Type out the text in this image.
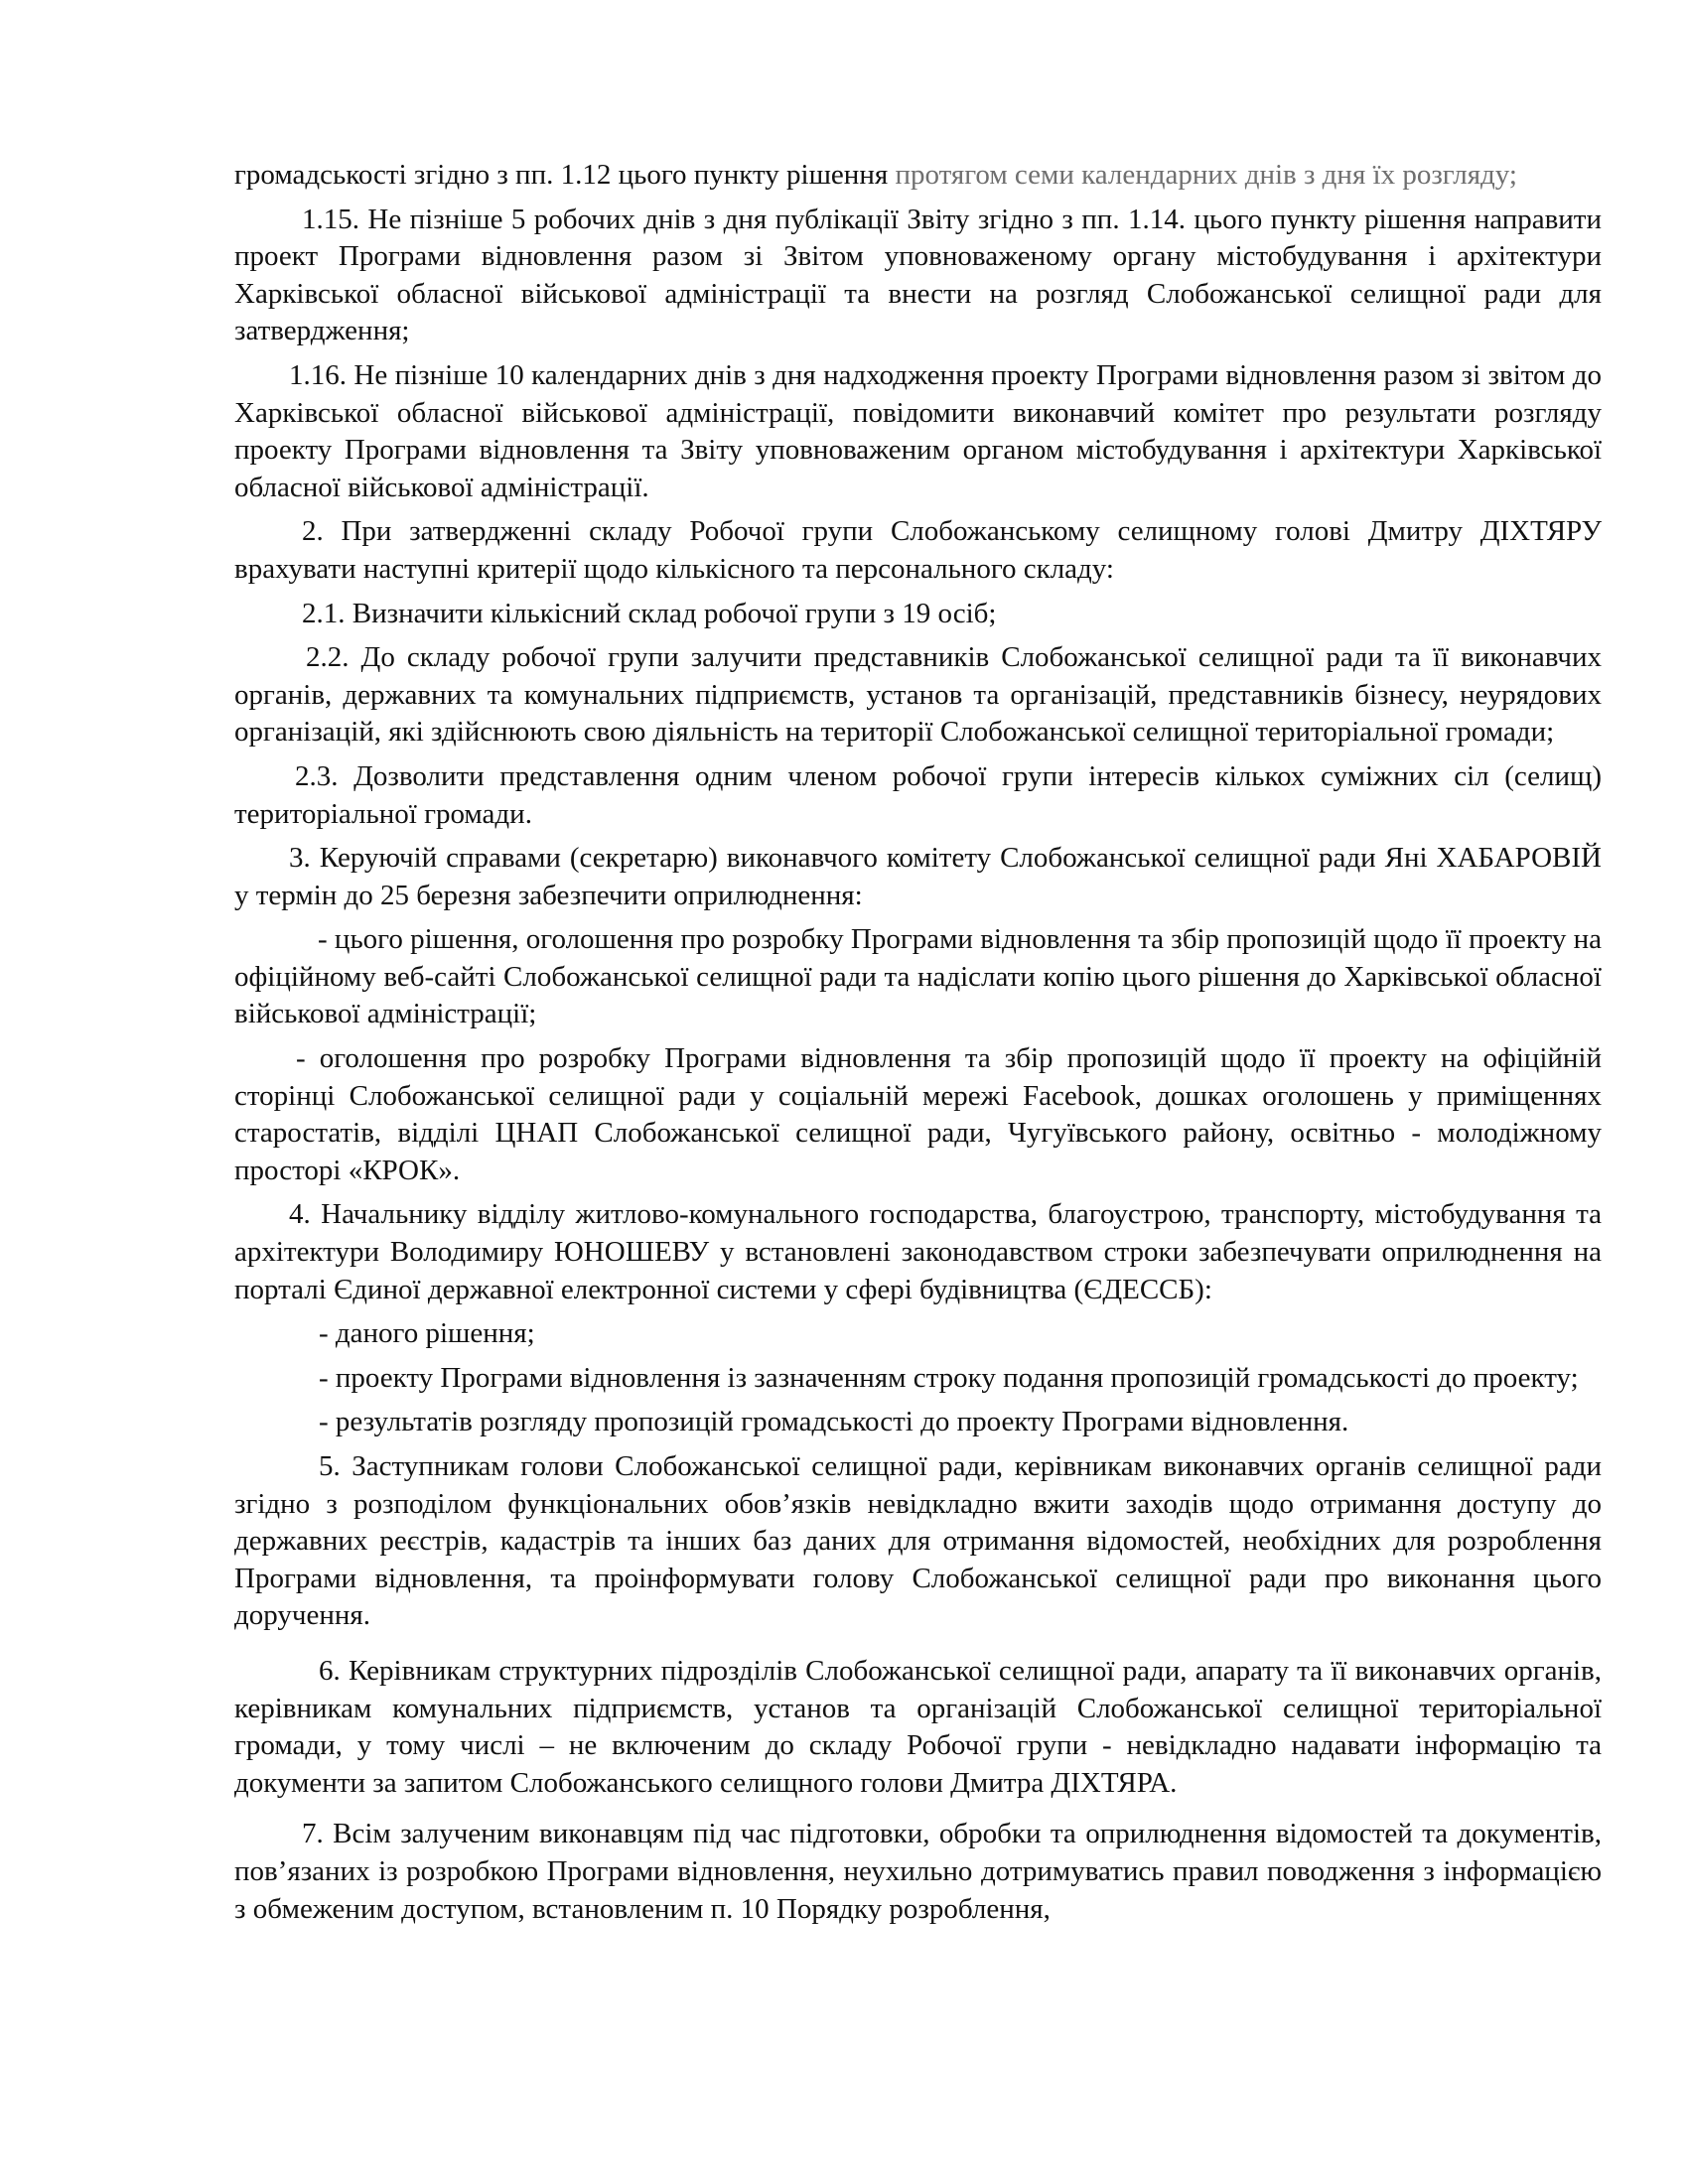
громадськості згідно з пп. 1.12 цього пункту рішення протягом семи календарних днів з дня їх розгляду;

1.15. Не пізніше 5 робочих днів з дня публікації Звіту згідно з пп. 1.14. цього пункту рішення направити проект Програми відновлення разом зі Звітом уповноваженому органу містобудування і архітектури Харківської обласної військової адміністрації та внести на розгляд Слобожанської селищної ради для затвердження;

1.16. Не пізніше 10 календарних днів з дня надходження проекту Програми відновлення разом зі звітом до Харківської обласної військової адміністрації, повідомити виконавчий комітет про результати розгляду проекту Програми відновлення та Звіту уповноваженим органом містобудування і архітектури Харківської обласної військової адміністрації.

2. При затвердженні складу Робочої групи Слобожанському селищному голові Дмитру ДІХТЯРУ врахувати наступні критерії щодо кількісного та персонального складу:

2.1. Визначити кількісний склад робочої групи з 19 осіб;

2.2. До складу робочої групи залучити представників Слобожанської селищної ради та її виконавчих органів, державних та комунальних підприємств, установ та організацій, представників бізнесу, неурядових організацій, які здійснюють свою діяльність на території Слобожанської селищної територіальної громади;

2.3. Дозволити представлення одним членом робочої групи інтересів кількох суміжних сіл (селищ) територіальної громади.

3. Керуючій справами (секретарю) виконавчого комітету Слобожанської селищної ради Яні ХАБАРОВІЙ у термін до 25 березня забезпечити оприлюднення:

- цього рішення, оголошення про розробку Програми відновлення та збір пропозицій щодо її проекту на офіційному веб-сайті Слобожанської селищної ради та надіслати копію цього рішення до Харківської обласної військової адміністрації;

- оголошення про розробку Програми відновлення та збір пропозицій щодо її проекту на офіційній сторінці Слобожанської селищної ради у соціальній мережі Facebook, дошках оголошень у приміщеннях старостатів, відділі ЦНАП Слобожанської селищної ради, Чугуївського району, освітньо - молодіжному просторі «КРОК».

4. Начальнику відділу житлово-комунального господарства, благоустрою, транспорту, містобудування та архітектури Володимиру ЮНОШЕВУ у встановлені законодавством строки забезпечувати оприлюднення на порталі Єдиної державної електронної системи у сфері будівництва (ЄДЕССБ):

- даного рішення;

- проекту Програми відновлення із зазначенням строку подання пропозицій громадськості до проекту;

- результатів розгляду пропозицій громадськості до проекту Програми відновлення.

5. Заступникам голови Слобожанської селищної ради, керівникам виконавчих органів селищної ради згідно з розподілом функціональних обов’язків невідкладно вжити заходів щодо отримання доступу до державних реєстрів, кадастрів та інших баз даних для отримання відомостей, необхідних для розроблення Програми відновлення, та проінформувати голову Слобожанської селищної ради про виконання цього доручення.

6. Керівникам структурних підрозділів Слобожанської селищної ради, апарату та її виконавчих органів, керівникам комунальних підприємств, установ та організацій Слобожанської селищної територіальної громади, у тому числі – не включеним до складу Робочої групи - невідкладно надавати інформацію та документи за запитом Слобожанського селищного голови Дмитра ДІХТЯРА.

7. Всім залученим виконавцям під час підготовки, обробки та оприлюднення відомостей та документів, пов’язаних із розробкою Програми відновлення, неухильно дотримуватись правил поводження з інформацією з обмеженим доступом, встановленим п. 10 Порядку розроблення,
